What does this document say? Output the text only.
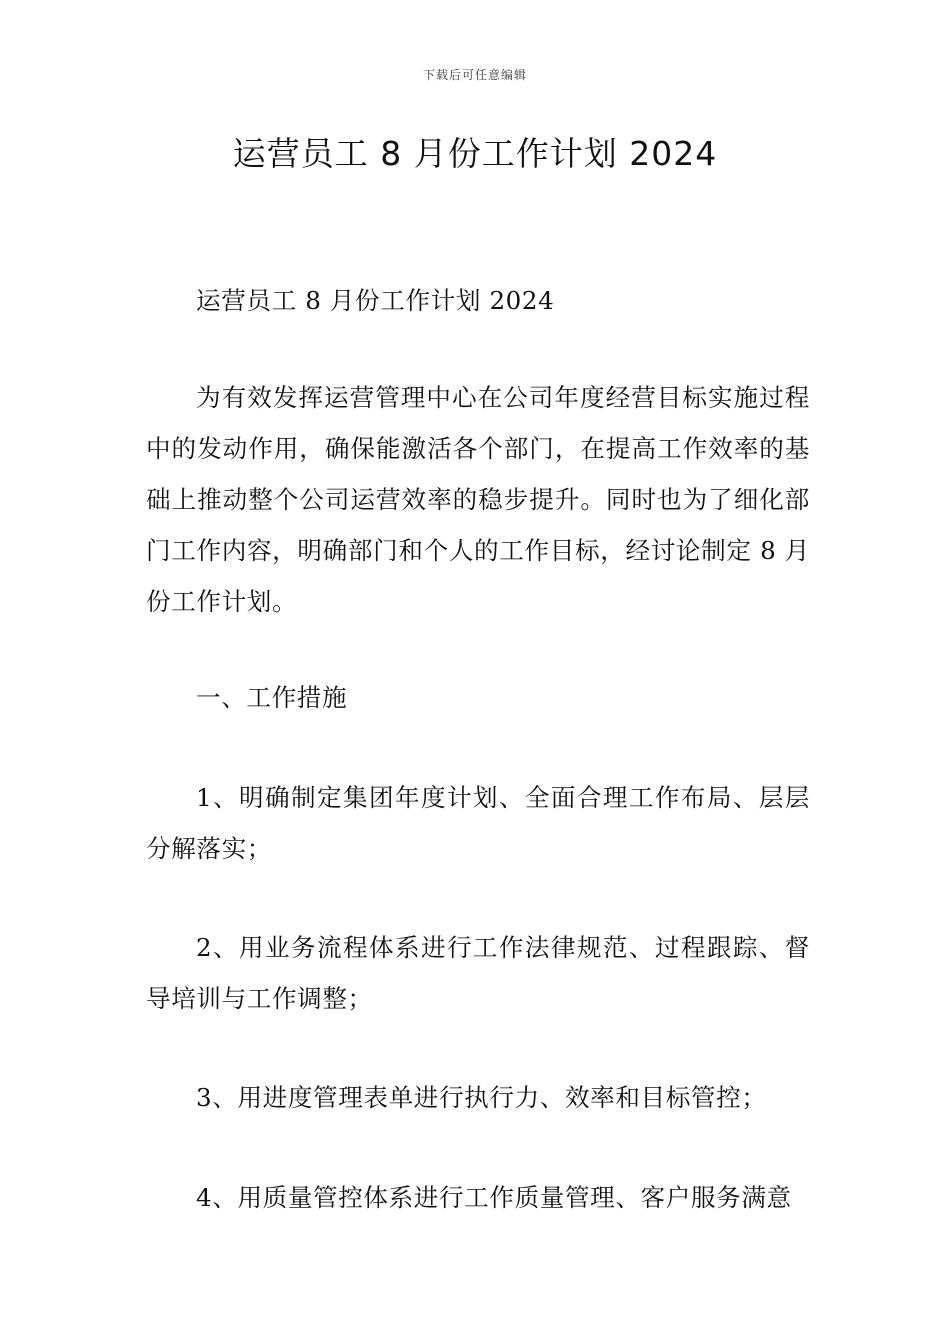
下载后可任意编辑
运营员工 8 月份工作计划 2024

运营员工 8 月份工作计划 2024

为有效发挥运营管理中心在公司年度经营目标实施过程中的发动作用，确保能激活各个部门，在提高工作效率的基础上推动整个公司运营效率的稳步提升。同时也为了细化部门工作内容，明确部门和个人的工作目标，经讨论制定 8 月份工作计划。

一、工作措施

1、明确制定集团年度计划、全面合理工作布局、层层分解落实；

2、用业务流程体系进行工作法律规范、过程跟踪、督导培训与工作调整；

3、用进度管理表单进行执行力、效率和目标管控；

4、用质量管控体系进行工作质量管理、客户服务满意
